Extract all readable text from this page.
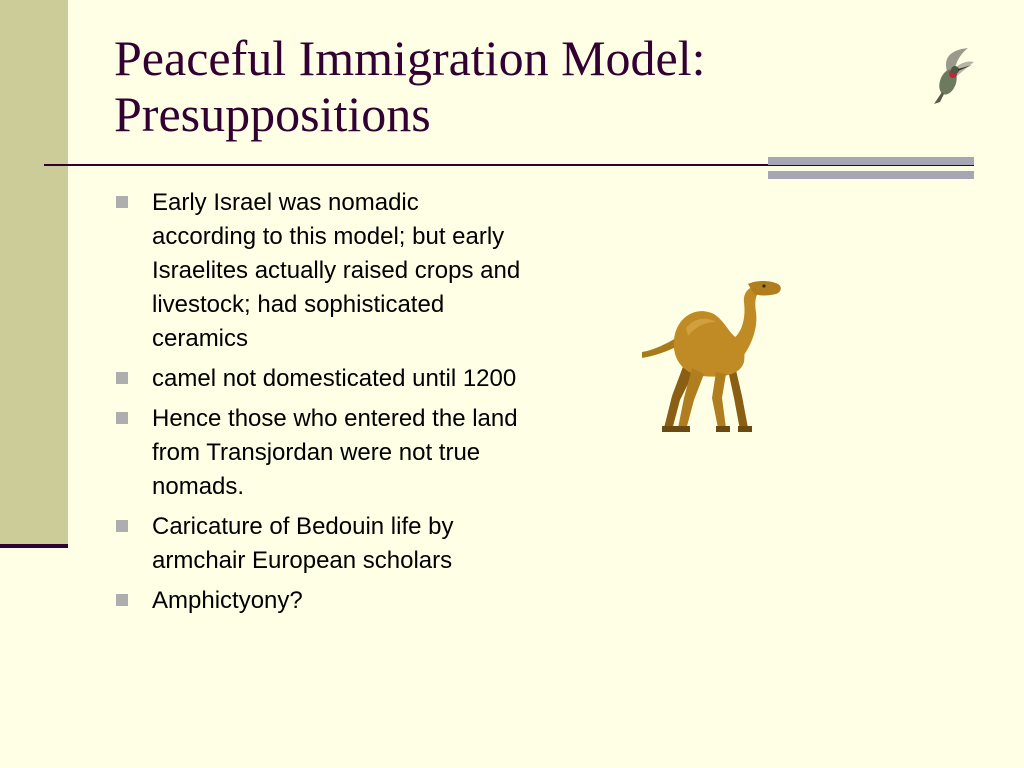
Peaceful Immigration Model: Presuppositions
Early Israel was nomadic according to this model; but early Israelites actually raised crops and livestock; had sophisticated ceramics
camel not domesticated until 1200
Hence those who entered the land from Transjordan were not true nomads.
Caricature of Bedouin life by armchair European scholars
Amphictyony?
